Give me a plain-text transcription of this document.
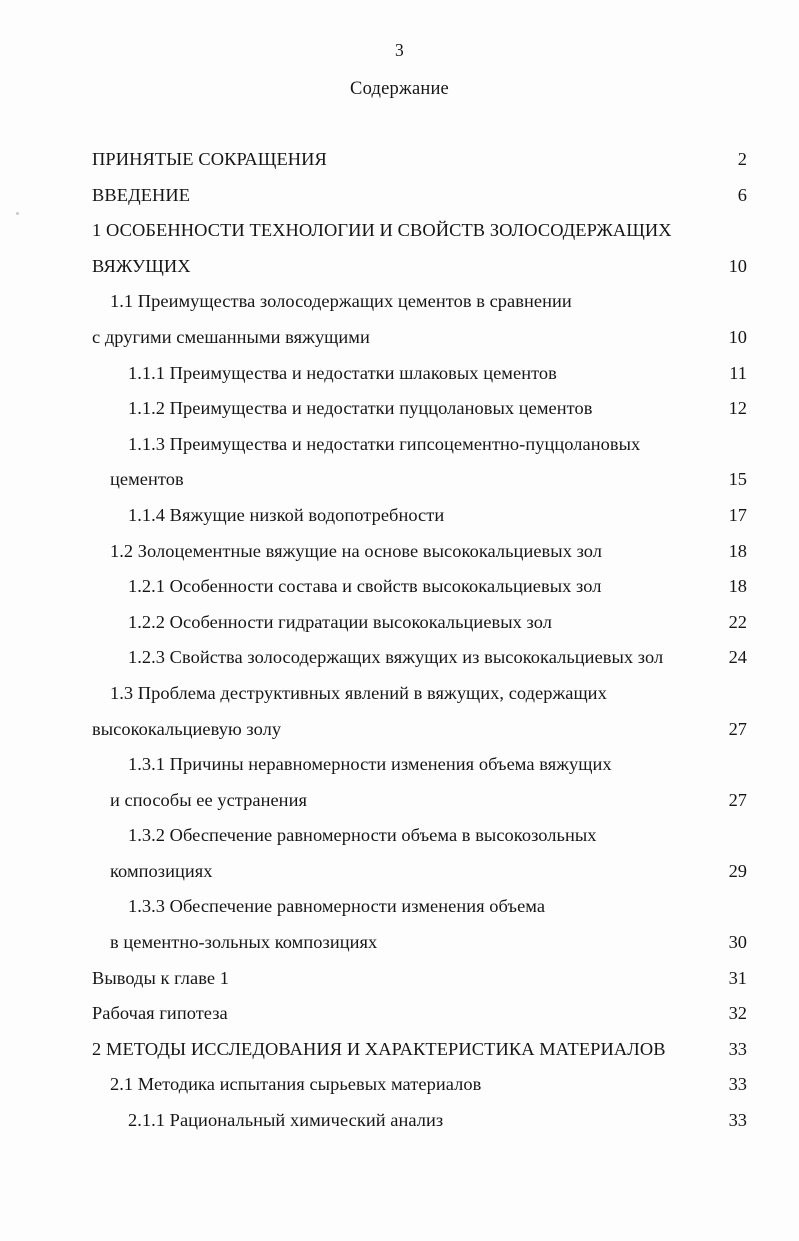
3
Содержание
ПРИНЯТЫЕ СОКРАЩЕНИЯ	2
ВВЕДЕНИЕ	6
1 ОСОБЕННОСТИ ТЕХНОЛОГИИ И СВОЙСТВ ЗОЛОСОДЕРЖАЩИХ
ВЯЖУЩИХ	10
1.1 Преимущества золосодержащих цементов в сравнении
с другими смешанными вяжущими	10
1.1.1 Преимущества и недостатки шлаковых цементов	11
1.1.2 Преимущества и недостатки пуццолановых цементов	12
1.1.3 Преимущества и недостатки гипсоцементно-пуццолановых
цементов	15
1.1.4 Вяжущие низкой водопотребности	17
1.2 Золоцементные вяжущие на основе высококальциевых зол	18
1.2.1 Особенности состава и свойств высококальциевых зол	18
1.2.2 Особенности гидратации высококальциевых зол	22
1.2.3 Свойства золосодержащих вяжущих из высококальциевых зол	24
1.3 Проблема деструктивных явлений в вяжущих, содержащих
высококальциевую золу	27
1.3.1 Причины неравномерности изменения объема вяжущих
и способы ее устранения	27
1.3.2 Обеспечение равномерности объема в высокозольных
композициях	29
1.3.3 Обеспечение равномерности изменения объема
в цементно-зольных композициях	30
Выводы к главе 1	31
Рабочая гипотеза	32
2 МЕТОДЫ ИССЛЕДОВАНИЯ И ХАРАКТЕРИСТИКА МАТЕРИАЛОВ	33
2.1 Методика испытания сырьевых материалов	33
2.1.1 Рациональный химический анализ	33
